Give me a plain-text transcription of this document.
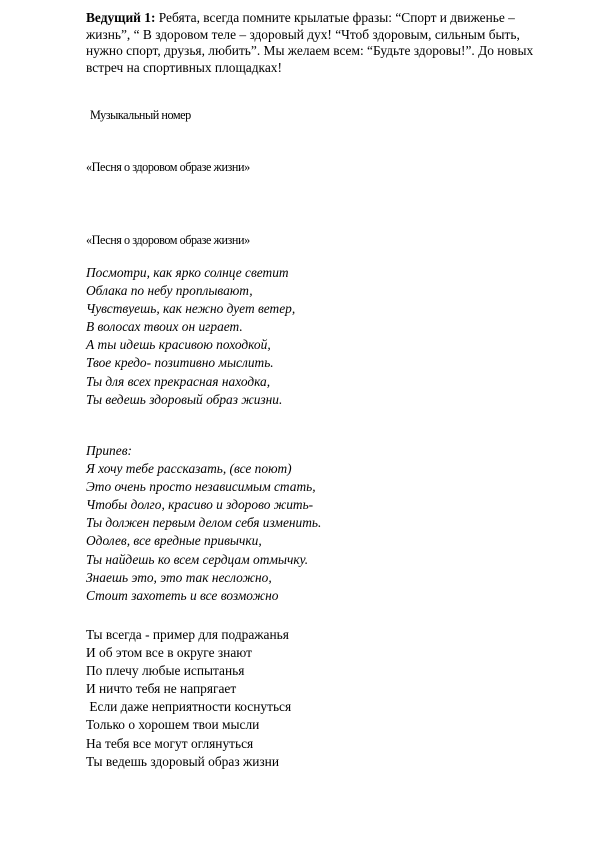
Ведущий 1: Ребята, всегда помните крылатые фразы: “Спорт и движенье – жизнь”, “ В здоровом теле – здоровый дух! “Чтоб здоровым, сильным быть, нужно спорт, друзья, любить”. Мы желаем всем: “Будьте здоровы!”. До новых встреч на спортивных площадках!

Музыкальный номер
«Песня о здоровом образе жизни»
«Песня о здоровом образе жизни»
Посмотри, как ярко солнце светит
Облака по небу проплывают,
Чувствуешь, как нежно дует ветер,
В волосах твоих он играет.
А ты идешь красивою походкой,
Твое кредо- позитивно мыслить.
Ты для всех прекрасная находка,
Ты ведешь здоровый образ жизни.
Припев:
Я хочу тебе рассказать, (все поют)
Это очень просто независимым стать,
Чтобы долго, красиво и здорово жить-
Ты должен первым делом себя изменить.
Одолев, все вредные привычки,
Ты найдешь ко всем сердцам отмычку.
Знаешь это, это так несложно,
Стоит захотеть и все возможно
Ты всегда - пример для подражанья
И об этом все в округе знают
По плечу любые испытанья
И ничто тебя не напрягает
Если даже неприятности коснуться
Только о хорошем твои мысли
На тебя все могут оглянуться
Ты ведешь здоровый образ жизни
